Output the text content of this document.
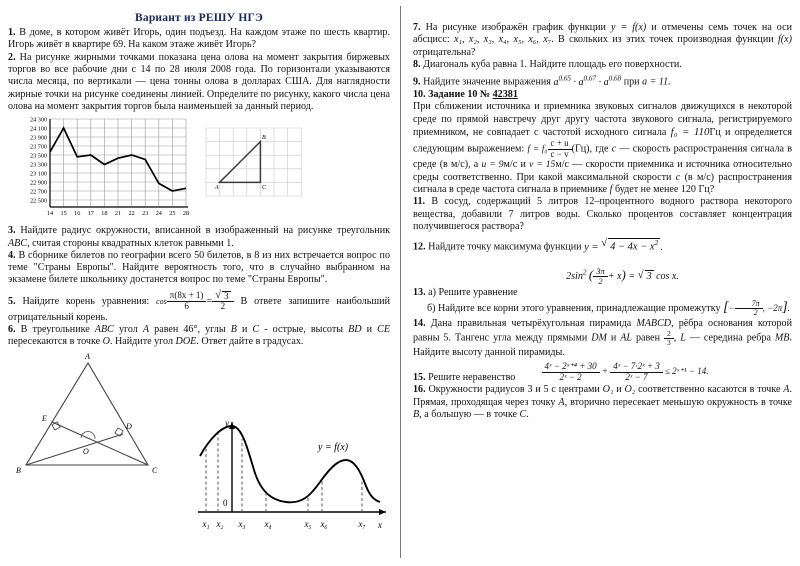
Вариант из РЕШУ НГЭ

1. В доме, в котором живёт Игорь, один подъезд. На каждом этаже по шесть квартир. Игорь живёт в квартире 69. На каком этаже живёт Игорь?

2. На рисунке жирными точками показана цена олова на момент закрытия биржевых торгов во все рабочие дни с 14 по 28 июля 2008 года. По горизонтали указываются числа месяца, по вертикали — цена тонны олова в долларах США. Для наглядности жирные точки на рисунке соединены линией. Определите по рисунку, какого числа цена олова на момент закрытия торгов была наименьшей за данный период.

24 300
24 100
23 900
23 700
23 500
23 300
23 100
22 900
22 700
22 500
14 15 16 17 18 21 22 23 24 25 28
A
B
C

3. Найдите радиус окружности, вписанной в изображенный на рисунке треугольник ABC, считая стороны квадратных клеток равными 1.

4. В сборнике билетов по географии всего 50 билетов, в 8 из них встречается вопрос по теме "Страны Европы". Найдите вероятность того, что в случайно выбранном на экзамене билете школьнику достанется вопрос по теме "Страны Европы".

5. Найдите корень уравнения: $\cos \frac{\pi(8x + 1)}{6}$ = √ $\frac{3}{2}$ В ответе запишите наибольший отрицательный корень.

6. В треугольнике ABC угол A равен 46°, углы B и C - острые, высоты BD и CE пересекаются в точке O. Найдите угол DOE. Ответ дайте в градусах.

A
B	C
D
E
O

7. На рисунке изображён график функции y = f(x) и отмечены семь точек на оси абсцисс: x₁, x₂, x₃, x₄, x₅, x₆, x₇. В скольких из этих точек производная функции f(x) отрицательна?

8. Диагональ куба равна 1. Найдите площадь его поверхности.

9. Найдите значение выражения $a^{0,65} \cdot a^{0,67} \cdot a^{0,68}$ при a = 11.

10. Задание 10 № 42381

При сближении источника и приемника звуковых сигналов движущихся в некоторой среде по прямой навстречу друг другу частота звукового сигнала, регистрируемого приемником, не совпадает с частотой исходного сигнала f₀ = 110Гц и определяется следующим выражением: $f = f_0 \frac{c + u}{c - v} (Гц)$, где c — скорость распространения сигнала в среде (в м/с), а u = 9м/с и v = 15м/с — скорости приемника и источника относительно среды соответственно. При какой максимальной скорости c (в м/с) распространения сигнала в среде частота сигнала в приемнике f будет не менее 120 Гц?

11. В сосуд, содержащий 5 литров 12–процентного водного раствора некоторого вещества, добавили 7 литров воды. Сколько процентов составляет концентрация получившегося раствора?

12. Найдите точку максимума функции y = √ $4 - 4x - x^2$ .

$2\sin^2$ ( $\frac{3\pi}{2} + x$) = √ 3 cos x.

13. а) Решите уравнение

б) Найдите все корни этого уравнения, принадлежащие промежутку [− $\frac{7\pi}{2}$ , −2π].

14. Дана правильная четырёхугольная пирамида MABCD, рёбра основания которой равны 5. Тангенс угла между прямыми DM и AL равен $\frac{2}{3}$ , L — середина ребра MB. Найдите высоту данной пирамиды.

$\frac{\text{4ˣ − 2ˣ⁺⁴ + 30}}{\text{2ˣ − 2}} + \frac{\text{4ˣ − 7·2ˣ + 3}}{\text{2ˣ − 7}}$ ≤ 2ˣ⁺¹ − 14.

15. Решите неравенство

16. Окружности радиусов 3 и 5 с центрами O₁ и O₂ соответственно касаются в точке A. Прямая, проходящая через точку A, вторично пересекает меньшую окружность в точке B, а большую — в точке C.

y
x
0
y = f(x)
x₁ x₂ x₃ x₄	x₅ x₆	x₇
